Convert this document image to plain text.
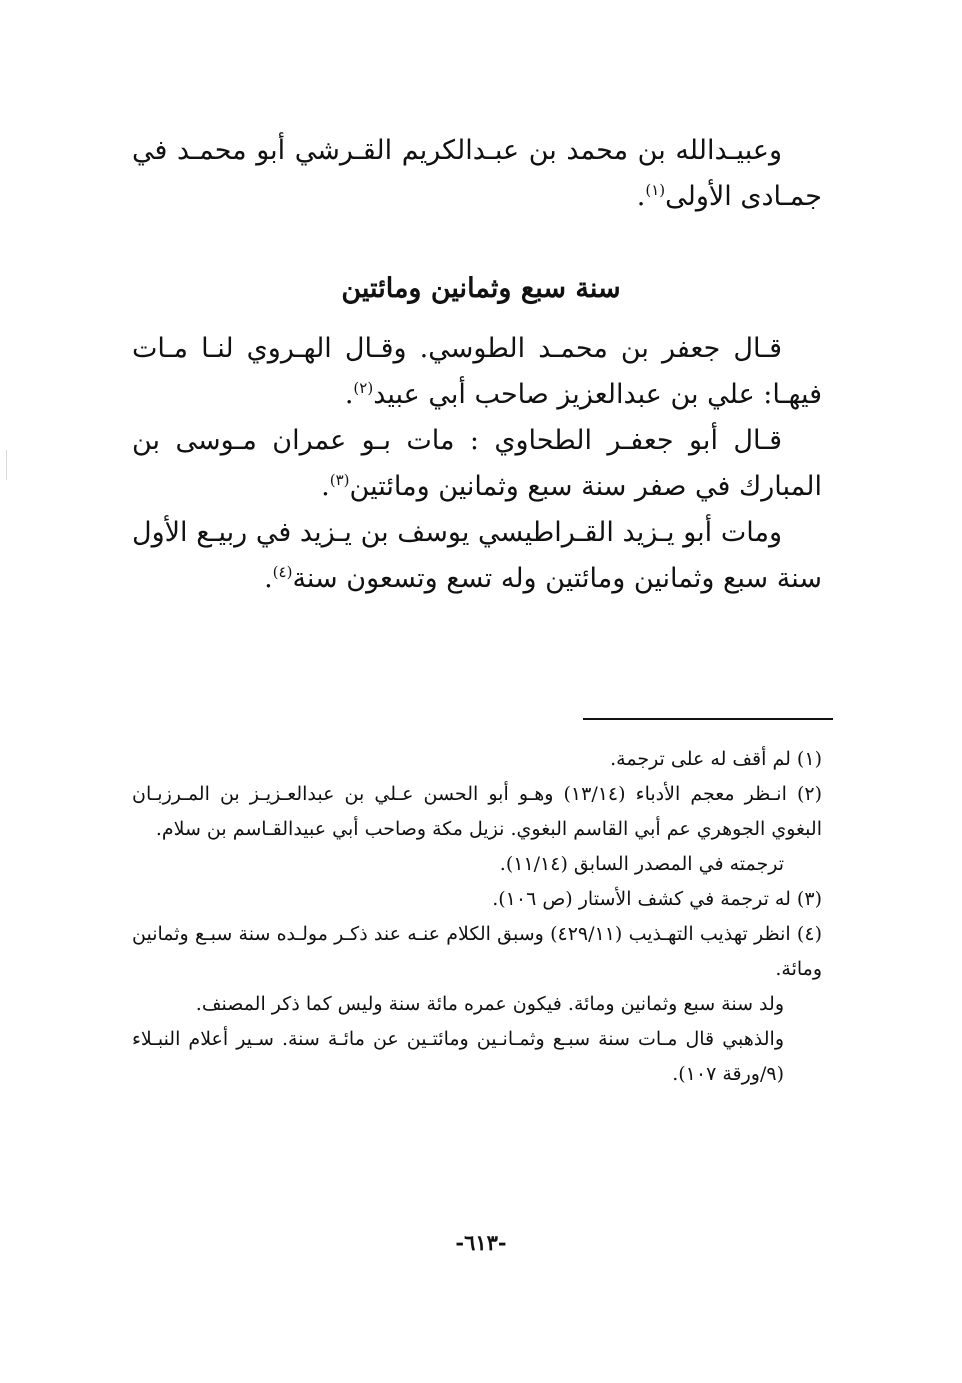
وعبيـدالله بن محمد بن عبـدالكريم القـرشي أبو محمـد في جمـادى الأولى$^{(١)}$.

سنة سبع وثمانين ومائتين

قـال جعفر بن محمـد الطوسي. وقـال الهـروي لنـا مـات فيهـا: علي بن عبدالعزيز صاحب أبي عبيد$^{(٢)}$.

قـال أبو جعفـر الطحاوي : مات بـو عمران مـوسى بن المبارك في صفر سنة سبع وثمانين ومائتين$^{(٣)}$.

ومات أبو يـزيد القـراطيسي يوسف بن يـزيد في ربيـع الأول سنة سبع وثمانين ومائتين وله تسع وتسعون سنة$^{(٤)}$.

(١) لم أقف له على ترجمة.

(٢) انـظر معجم الأدباء (١٣/١٤) وهـو أبو الحسن عـلي بن عبدالعـزيـز بن المـرزبـان البغوي الجوهري عم أبي القاسم البغوي. نزيل مكة وصاحب أبي عبيدالقـاسم بن سلام.

ترجمته في المصدر السابق (١١/١٤).

(٣) له ترجمة في كشف الأستار (ص ١٠٦).

(٤) انظر تهذيب التهـذيب (٤٢٩/١١) وسبق الكلام عنـه عند ذكـر مولـده سنة سبـع وثمانين ومائة.

ولد سنة سبع وثمانين ومائة. فيكون عمره مائة سنة وليس كما ذكر المصنف.

والذهبي قال مـات سنة سبـع وثمـانـين ومائتـين عن مائـة سنة. سـير أعلام النبـلاء (٩/ورقة ١٠٧).

-٦١٣-
